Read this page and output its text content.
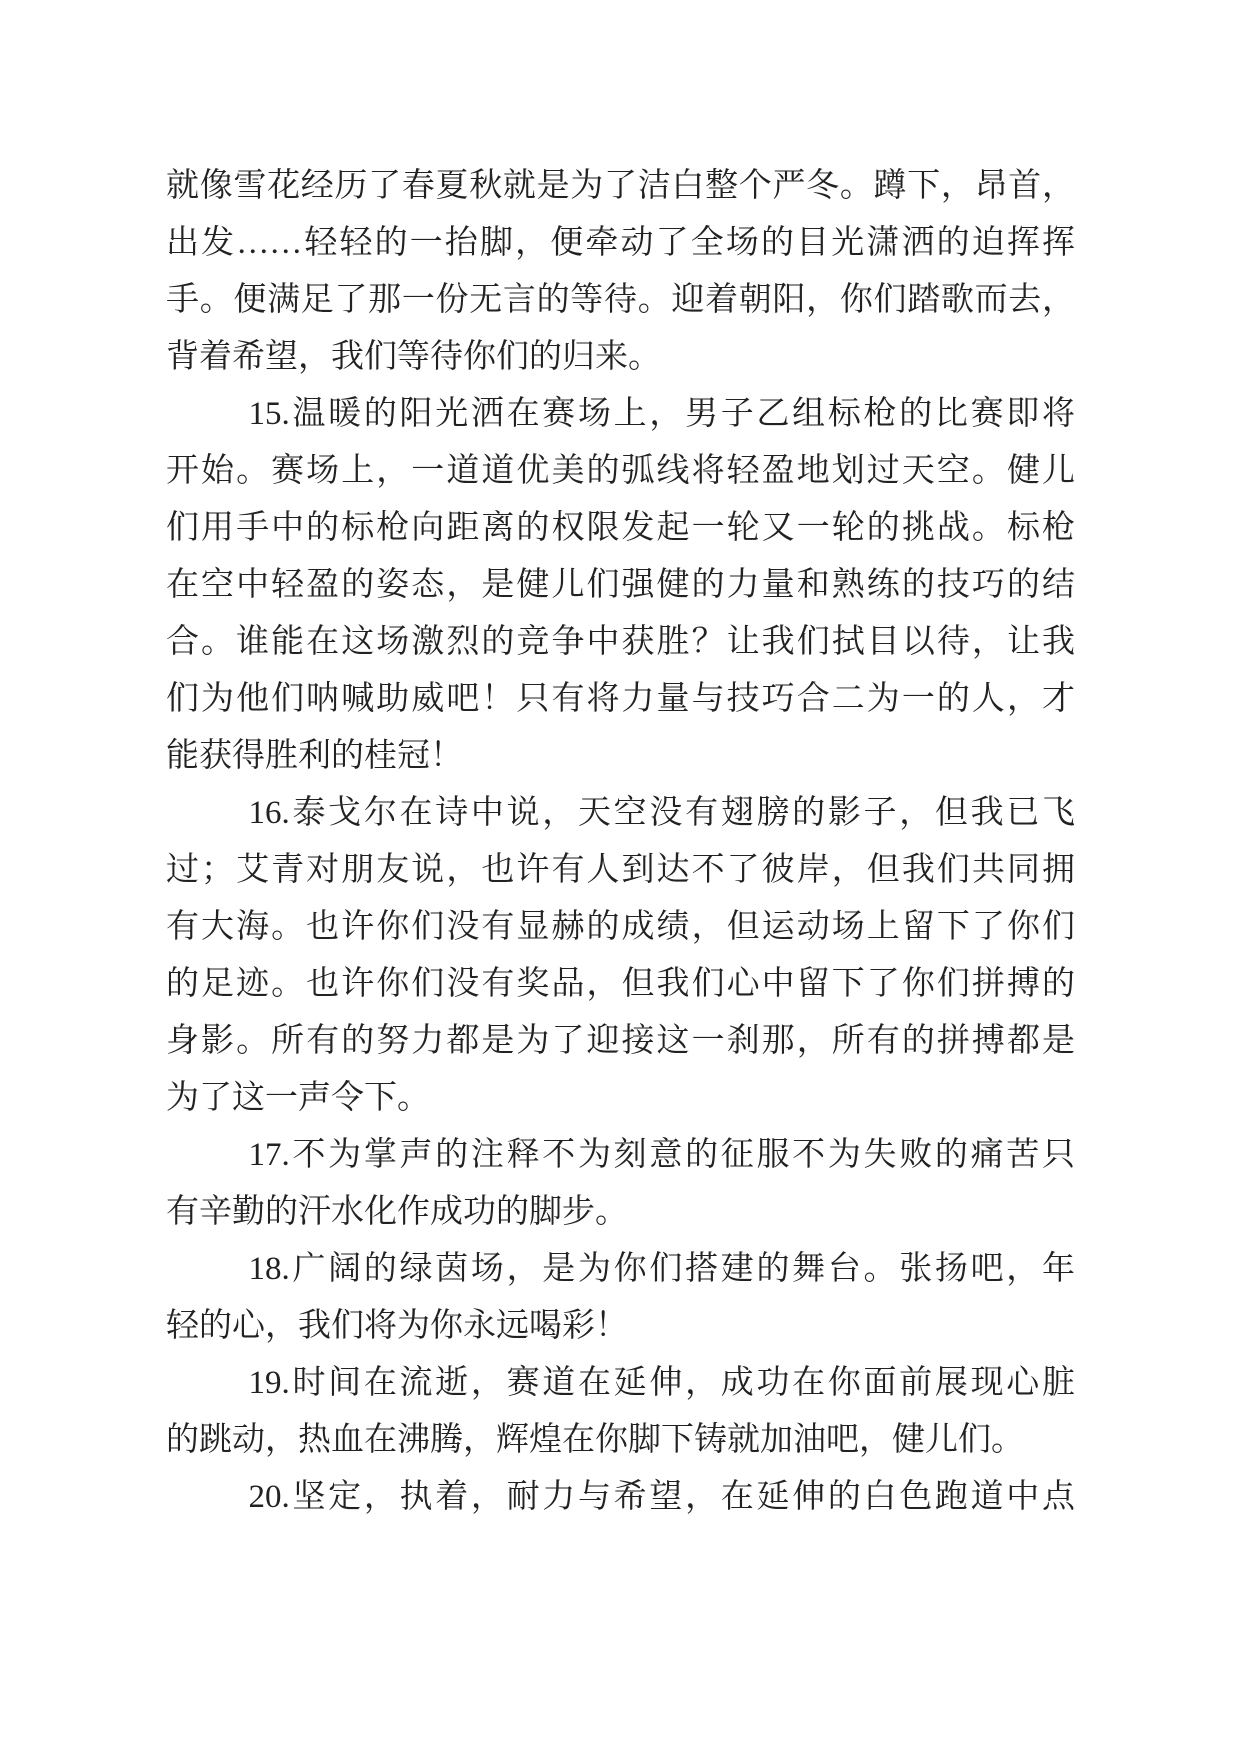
就像雪花经历了春夏秋就是为了洁白整个严冬。蹲下，昂首，
出发……轻轻的一抬脚，便牵动了全场的目光潇洒的迫挥挥
手。便满足了那一份无言的等待。迎着朝阳，你们踏歌而去，
背着希望，我们等待你们的归来。
15.温暖的阳光洒在赛场上，男子乙组标枪的比赛即将
开始。赛场上，一道道优美的弧线将轻盈地划过天空。健儿
们用手中的标枪向距离的权限发起一轮又一轮的挑战。标枪
在空中轻盈的姿态，是健儿们强健的力量和熟练的技巧的结
合。谁能在这场激烈的竞争中获胜？让我们拭目以待，让我
们为他们呐喊助威吧！只有将力量与技巧合二为一的人，才
能获得胜利的桂冠！
16.泰戈尔在诗中说，天空没有翅膀的影子，但我已飞
过；艾青对朋友说，也许有人到达不了彼岸，但我们共同拥
有大海。也许你们没有显赫的成绩，但运动场上留下了你们
的足迹。也许你们没有奖品，但我们心中留下了你们拼搏的
身影。所有的努力都是为了迎接这一刹那，所有的拼搏都是
为了这一声令下。
17.不为掌声的注释不为刻意的征服不为失败的痛苦只
有辛勤的汗水化作成功的脚步。
18.广阔的绿茵场，是为你们搭建的舞台。张扬吧，年
轻的心，我们将为你永远喝彩！
19.时间在流逝，赛道在延伸，成功在你面前展现心脏
的跳动，热血在沸腾，辉煌在你脚下铸就加油吧，健儿们。
20.坚定，执着，耐力与希望，在延伸的白色跑道中点
